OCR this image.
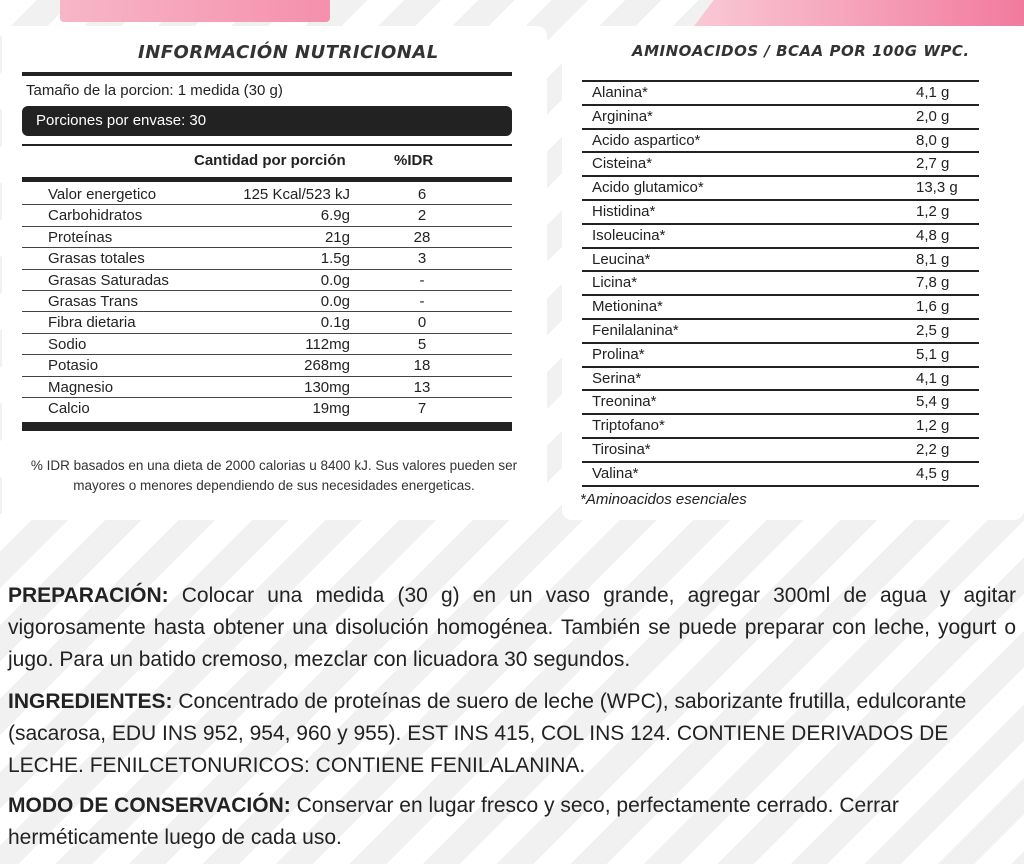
INFORMACIÓN NUTRICIONAL
Tamaño de la porcion: 1 medida (30 g)
Porciones por envase: 30
Cantidad por porción	%IDR
Valor energetico	125 Kcal/523 kJ	6
Carbohidratos	6.9g	2
Proteínas	21g	28
Grasas totales	1.5g	3
Grasas Saturadas	0.0g	-
Grasas Trans	0.0g	-
Fibra dietaria	0.1g	0
Sodio	112mg	5
Potasio	268mg	18
Magnesio	130mg	13
Calcio	19mg	7
% IDR basados en una dieta de 2000 calorias u 8400 kJ. Sus valores pueden ser mayores o menores dependiendo de sus necesidades energeticas.
AMINOACIDOS / BCAA POR 100G WPC.
Alanina*	4,1 g
Arginina*	2,0 g
Acido aspartico*	8,0 g
Cisteina*	2,7 g
Acido glutamico*	13,3 g
Histidina*	1,2 g
Isoleucina*	4,8 g
Leucina*	8,1 g
Licina*	7,8 g
Metionina*	1,6 g
Fenilalanina*	2,5 g
Prolina*	5,1 g
Serina*	4,1 g
Treonina*	5,4 g
Triptofano*	1,2 g
Tirosina*	2,2 g
Valina*	4,5 g
*Aminoacidos esenciales
PREPARACIÓN: Colocar una medida (30 g) en un vaso grande, agregar 300ml de agua y agitar vigorosamente hasta obtener una disolución homogénea. También se puede preparar con leche, yogurt o jugo. Para un batido cremoso, mezclar con licuadora 30 segundos.
INGREDIENTES: Concentrado de proteínas de suero de leche (WPC), saborizante frutilla, edulcorante (sacarosa, EDU INS 952, 954, 960 y 955). EST INS 415, COL INS 124. CONTIENE DERIVADOS DE LECHE. FENILCETONURICOS: CONTIENE FENILALANINA.
MODO DE CONSERVACIÓN: Conservar en lugar fresco y seco, perfectamente cerrado. Cerrar herméticamente luego de cada uso.
